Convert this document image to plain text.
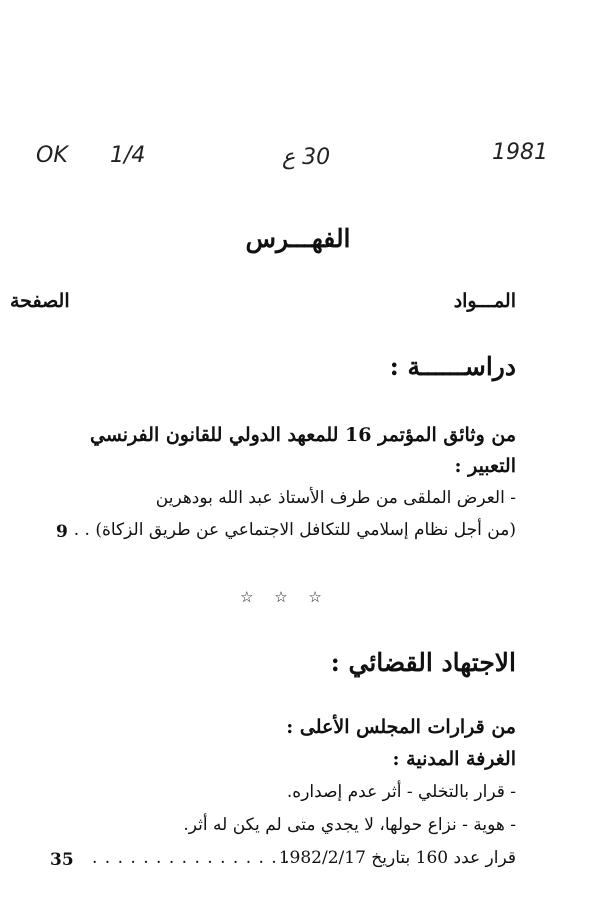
OK 1/4	30 ع	1981
الفهـــرس
المـــواد
الصفحة
دراســــــة :
من وثائق المؤتمر 16 للمعهد الدولي للقانون الفرنسي
التعبير :
- العرض الملقى من طرف الأستاذ عبد الله بودهرين
(من أجل نظام إسلامي للتكافل الاجتماعي عن طريق الزكاة) . .
9
☆ ☆ ☆
الاجتهاد القضائي :
من قرارات المجلس الأعلى :
الغرفة المدنية :
- قرار بالتخلي - أثر عدم إصداره.
- هوية - نزاع حولها، لا يجدي متى لم يكن له أثر.
قرار عدد 160 بتاريخ 1982/2/17
. . . . . . . . . . . . . . . .
35
